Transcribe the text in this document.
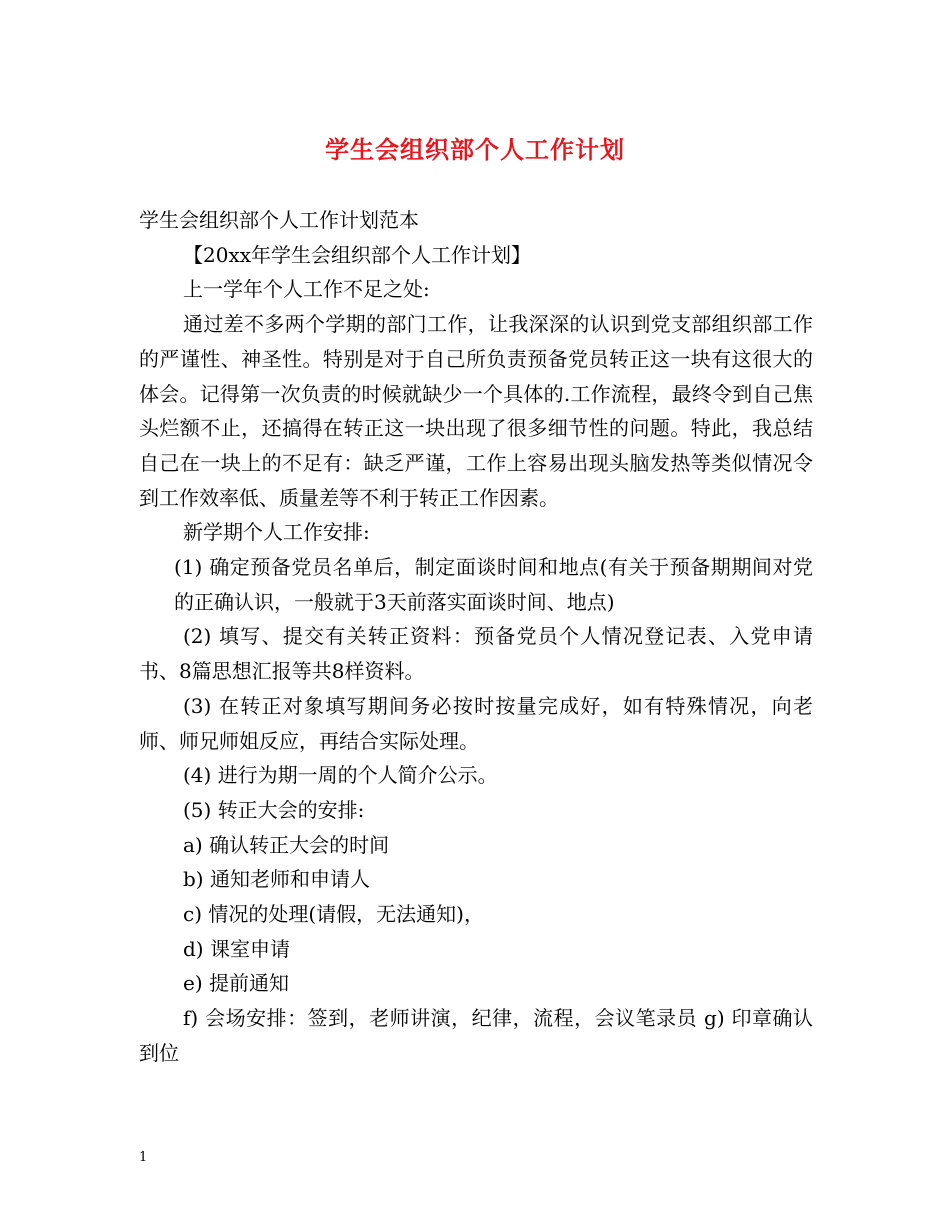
学生会组织部个人工作计划

学生会组织部个人工作计划范本

【20xx年学生会组织部个人工作计划】

上一学年个人工作不足之处:

通过差不多两个学期的部门工作，让我深深的认识到党支部组织部工作的严谨性、神圣性。特别是对于自己所负责预备党员转正这一块有这很大的体会。记得第一次负责的时候就缺少一个具体的.工作流程，最终令到自己焦头烂额不止，还搞得在转正这一块出现了很多细节性的问题。特此，我总结自己在一块上的不足有：缺乏严谨，工作上容易出现头脑发热等类似情况令到工作效率低、质量差等不利于转正工作因素。

新学期个人工作安排:

(1) 确定预备党员名单后，制定面谈时间和地点(有关于预备期期间对党的正确认识，一般就于3天前落实面谈时间、地点)

(2) 填写、提交有关转正资料：预备党员个人情况登记表、入党申请书、8篇思想汇报等共8样资料。

(3) 在转正对象填写期间务必按时按量完成好，如有特殊情况，向老师、师兄师姐反应，再结合实际处理。

(4) 进行为期一周的个人简介公示。

(5) 转正大会的安排:

a) 确认转正大会的时间

b) 通知老师和申请人

c) 情况的处理(请假，无法通知)，

d) 课室申请

e) 提前通知

f) 会场安排：签到，老师讲演，纪律，流程，会议笔录员 g) 印章确认到位

1
